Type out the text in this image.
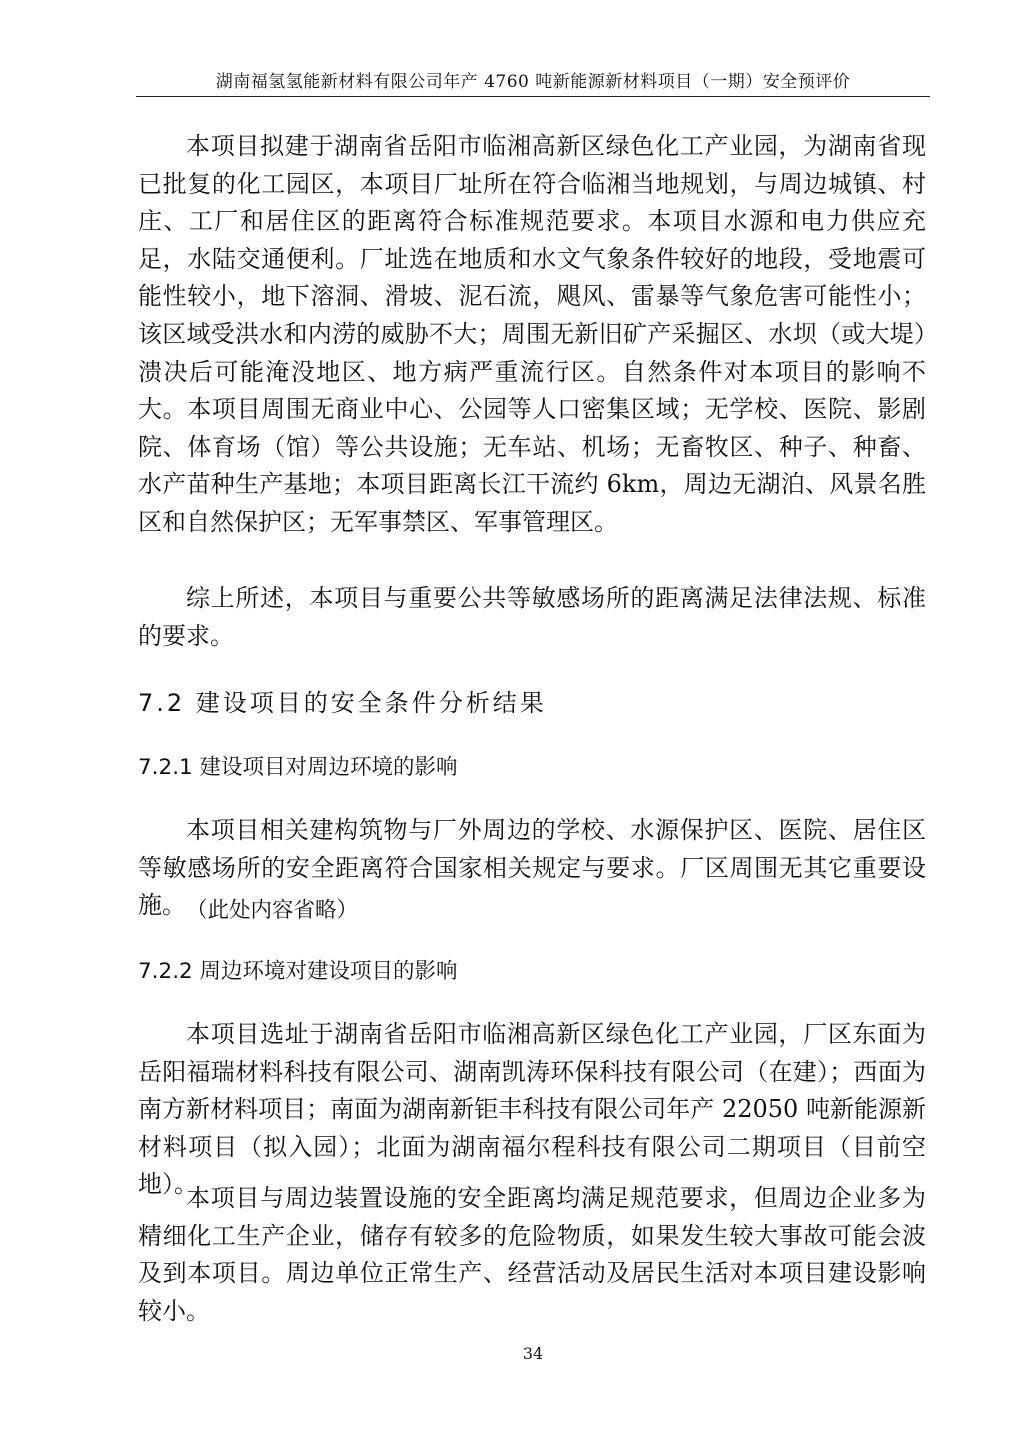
湖南福氢氢能新材料有限公司年产 4760 吨新能源新材料项目（一期）安全预评价

本项目拟建于湖南省岳阳市临湘高新区绿色化工产业园，为湖南省现已批复的化工园区，本项目厂址所在符合临湘当地规划，与周边城镇、村庄、工厂和居住区的距离符合标准规范要求。本项目水源和电力供应充足，水陆交通便利。厂址选在地质和水文气象条件较好的地段，受地震可能性较小，地下溶洞、滑坡、泥石流，飓风、雷暴等气象危害可能性小；该区域受洪水和内涝的威胁不大；周围无新旧矿产采掘区、水坝（或大堤）溃决后可能淹没地区、地方病严重流行区。自然条件对本项目的影响不大。本项目周围无商业中心、公园等人口密集区域；无学校、医院、影剧院、体育场（馆）等公共设施；无车站、机场；无畜牧区、种子、种畜、水产苗种生产基地；本项目距离长江干流约 6km，周边无湖泊、风景名胜区和自然保护区；无军事禁区、军事管理区。

综上所述，本项目与重要公共等敏感场所的距离满足法律法规、标准的要求。

7.2 建设项目的安全条件分析结果
7.2.1 建设项目对周边环境的影响

本项目相关建构筑物与厂外周边的学校、水源保护区、医院、居住区等敏感场所的安全距离符合国家相关规定与要求。厂区周围无其它重要设施。 （此处内容省略）

7.2.2 周边环境对建设项目的影响

本项目选址于湖南省岳阳市临湘高新区绿色化工产业园，厂区东面为岳阳福瑞材料科技有限公司、湖南凯涛环保科技有限公司（在建）；西面为南方新材料项目；南面为湖南新钜丰科技有限公司年产 22050 吨新能源新材料项目（拟入园）；北面为湖南福尔程科技有限公司二期项目（目前空地）。

本项目与周边装置设施的安全距离均满足规范要求，但周边企业多为精细化工生产企业，储存有较多的危险物质，如果发生较大事故可能会波及到本项目。周边单位正常生产、经营活动及居民生活对本项目建设影响较小。

34
